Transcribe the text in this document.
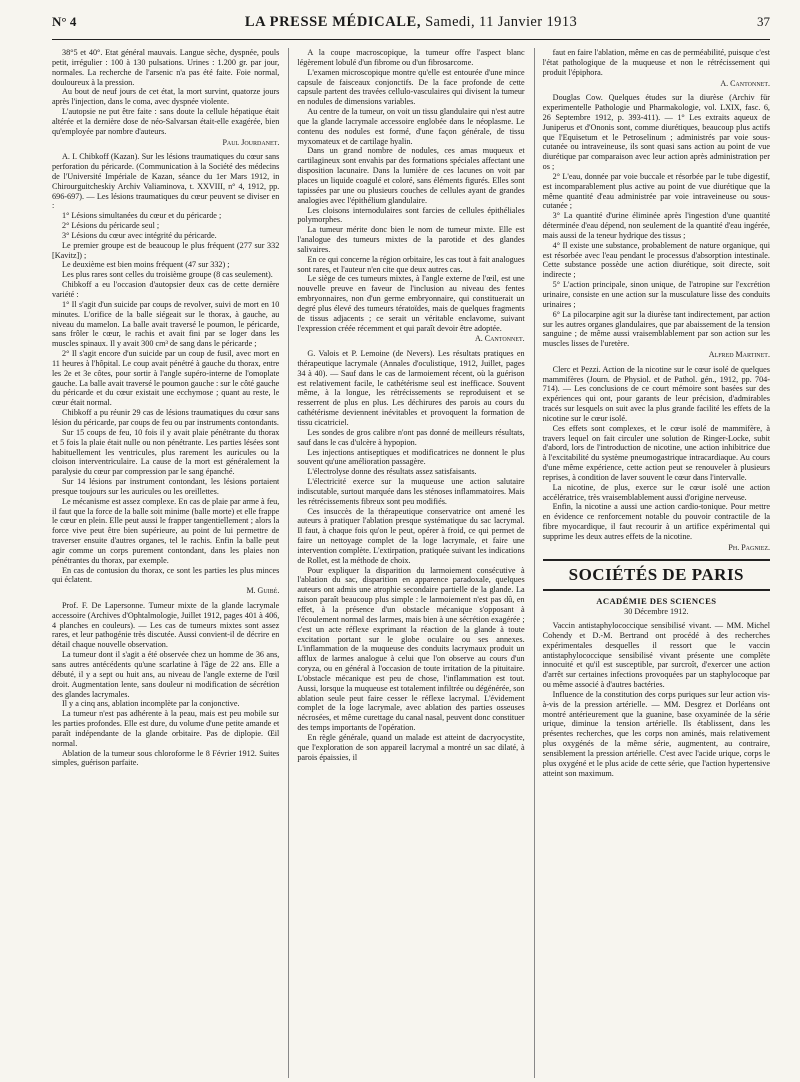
N° 4	LA PRESSE MÉDICALE, Samedi, 11 Janvier 1913	37

38°5 et 40°. Etat général mauvais. Langue sèche, dyspnée, pouls petit, irrégulier : 100 à 130 pulsations. Urines : 1.200 gr. par jour, normales. La recherche de l'arsenic n'a pas été faite. Foie normal, douloureux à la pression.

Au bout de neuf jours de cet état, la mort survint, quatorze jours après l'injection, dans le coma, avec dyspnée violente.

L'autopsie ne put être faite : sans doute la cellule hépatique était altérée et la dernière dose de néo-Salvarsan était-elle exagérée, bien qu'employée par nombre d'auteurs.

Paul Jourdanet.

A. I. Chibkoff (Kazan). Sur les lésions traumatiques du cœur sans perforation du péricarde. (Communication à la Société des médecins de l'Université Impériale de Kazan, séance du 1er Mars 1912, in Chirourguitcheskiy Archiv Valiaminova, t. XXVIII, n° 4, 1912, pp. 696-697). — Les lésions traumatiques du cœur peuvent se diviser en :

1° Lésions simultanées du cœur et du péricarde ;

2° Lésions du péricarde seul ;

3° Lésions du cœur avec intégrité du péricarde.

Le premier groupe est de beaucoup le plus fréquent (277 sur 332 [Kavitz]) ;

Le deuxième est bien moins fréquent (47 sur 332) ;

Les plus rares sont celles du troisième groupe (8 cas seulement).

Chibkoff a eu l'occasion d'autopsier deux cas de cette dernière variété :

1° Il s'agit d'un suicide par coups de revolver, suivi de mort en 10 minutes. L'orifice de la balle siégeait sur le thorax, à gauche, au niveau du mamelon. La balle avait traversé le poumon, le péricarde, sans frôler le cœur, le rachis et avait fini par se loger dans les muscles spinaux. Il y avait 300 cm³ de sang dans le péricarde ;

2° Il s'agit encore d'un suicide par un coup de fusil, avec mort en 11 heures à l'hôpital. Le coup avait pénétré à gauche du thorax, entre les 2e et 3e côtes, pour sortir à l'angle supéro-interne de l'omoplate gauche. La balle avait traversé le poumon gauche : sur le côté gauche du péricarde et du cœur existait une ecchymose ; quant au reste, le cœur était normal.

Chibkoff a pu réunir 29 cas de lésions traumatiques du cœur sans lésion du péricarde, par coups de feu ou par instruments contondants.

Sur 15 coups de feu, 10 fois il y avait plaie pénétrante du thorax et 5 fois la plaie était nulle ou non pénétrante. Les parties lésées sont habituellement les ventricules, plus rarement les auricules ou la cloison interventriculaire. La cause de la mort est généralement la paralysie du cœur par compression par le sang épanché.

Sur 14 lésions par instrument contondant, les lésions portaient presque toujours sur les auricules ou les oreillettes.

Le mécanisme est assez complexe. En cas de plaie par arme à feu, il faut que la force de la balle soit minime (balle morte) et elle frappe le cœur en plein. Elle peut aussi le frapper tangentiellement ; alors la force vive peut être bien supérieure, au point de lui permettre de traverser ensuite d'autres organes, tel le rachis. Enfin la balle peut agir comme un corps purement contondant, dans les plaies non pénétrantes du thorax, par exemple.

En cas de contusion du thorax, ce sont les parties les plus minces qui éclatent.

M. Guibé.

Prof. F. De Lapersonne. Tumeur mixte de la glande lacrymale accessoire (Archives d'Ophtalmologie, Juillet 1912, pages 401 à 406, 4 planches en couleurs). — Les cas de tumeurs mixtes sont assez rares, et leur pathogénie très discutée. Aussi convient-il de décrire en détail chaque nouvelle observation.

La tumeur dont il s'agit a été observée chez un homme de 36 ans, sans autres antécédents qu'une scarlatine à l'âge de 22 ans. Elle a débuté, il y a sept ou huit ans, au niveau de l'angle externe de l'œil droit. Augmentation lente, sans douleur ni modification de sécrétion des glandes lacrymales.

Il y a cinq ans, ablation incomplète par la conjonctive.

La tumeur n'est pas adhérente à la peau, mais est peu mobile sur les parties profondes. Elle est dure, du volume d'une petite amande et paraît indépendante de la glande orbitaire. Pas de diplopie. Œil normal.

Ablation de la tumeur sous chloroforme le 8 Février 1912. Suites simples, guérison parfaite.

A la coupe macroscopique, la tumeur offre l'aspect blanc légèrement lobulé d'un fibrome ou d'un fibrosarcome.

L'examen microscopique montre qu'elle est entourée d'une mince capsule de faisceaux conjonctifs. De la face profonde de cette capsule partent des travées cellulo-vasculaires qui divisent la tumeur en nodules de dimensions variables.

Au centre de la tumeur, on voit un tissu glandulaire qui n'est autre que la glande lacrymale accessoire englobée dans le néoplasme. Le contenu des nodules est formé, d'une façon générale, de tissu myxomateux et de cartilage hyalin.

Dans un grand nombre de nodules, ces amas muqueux et cartilagineux sont envahis par des formations spéciales affectant une disposition lacunaire. Dans la lumière de ces lacunes on voit par places un liquide coagulé et coloré, sans éléments figurés. Elles sont tapissées par une ou plusieurs couches de cellules ayant de grandes analogies avec l'épithélium glandulaire.

Les cloisons internodulaires sont farcies de cellules épithéliales polymorphes.

La tumeur mérite donc bien le nom de tumeur mixte. Elle est l'analogue des tumeurs mixtes de la parotide et des glandes salivaires.

En ce qui concerne la région orbitaire, les cas tout à fait analogues sont rares, et l'auteur n'en cite que deux autres cas.

Le siège de ces tumeurs mixtes, à l'angle externe de l'œil, est une nouvelle preuve en faveur de l'inclusion au niveau des fentes embryonnaires, non d'un germe embryonnaire, qui constituerait un degré plus élevé des tumeurs tératoïdes, mais de quelques fragments de tissus adjacents ; ce serait un véritable enclavome, suivant l'expression créée récemment et qui paraît devoir être adoptée.

A. Cantonnet.

G. Valois et P. Lemoine (de Nevers). Les résultats pratiques en thérapeutique lacrymale (Annales d'oculistique, 1912, Juillet, pages 34 à 40). — Sauf dans le cas de larmoiement récent, où la guérison est relativement facile, le cathétérisme seul est inefficace. Souvent même, à la longue, les rétrécissements se reproduisent et se resserrent de plus en plus. Les déchirures des parois au cours du cathétérisme deviennent inévitables et provoquent la formation de tissu cicatriciel.

Les sondes de gros calibre n'ont pas donné de meilleurs résultats, sauf dans le cas d'ulcère à hypopion.

Les injections antiseptiques et modificatrices ne donnent le plus souvent qu'une amélioration passagère.

L'électrolyse donne des résultats assez satisfaisants.

L'électricité exerce sur la muqueuse une action salutaire indiscutable, surtout marquée dans les sténoses inflammatoires. Mais les rétrécissements fibreux sont peu modifiés.

Ces insuccès de la thérapeutique conservatrice ont amené les auteurs à pratiquer l'ablation presque systématique du sac lacrymal. Il faut, à chaque fois qu'on le peut, opérer à froid, ce qui permet de faire un nettoyage complet de la loge lacrymale, et faire une intervention complète. L'extirpation, pratiquée suivant les indications de Rollet, est la méthode de choix.

Pour expliquer la disparition du larmoiement consécutive à l'ablation du sac, disparition en apparence paradoxale, quelques auteurs ont admis une atrophie secondaire partielle de la glande. La raison paraît beaucoup plus simple : le larmoiement n'est pas dû, en effet, à la présence d'un obstacle mécanique s'opposant à l'écoulement normal des larmes, mais bien à une sécrétion exagérée ; c'est un acte réflexe exprimant la réaction de la glande à toute excitation portant sur le globe oculaire ou ses annexes. L'inflammation de la muqueuse des conduits lacrymaux produit un afflux de larmes analogue à celui que l'on observe au cours d'un coryza, ou en général à l'occasion de toute irritation de la pituitaire. L'obstacle mécanique est peu de chose, l'inflammation est tout. Aussi, lorsque la muqueuse est totalement infiltrée ou dégénérée, son ablation seule peut faire cesser le réflexe lacrymal. L'évidement complet de la loge lacrymale, avec ablation des parties osseuses nécrosées, et même curettage du canal nasal, peuvent donc constituer des temps importants de l'opération.

En règle générale, quand un malade est atteint de dacryocystite, que l'exploration de son appareil lacrymal a montré un sac dilaté, à parois épaissies, il

faut en faire l'ablation, même en cas de perméabilité, puisque c'est l'état pathologique de la muqueuse et non le rétrécissement qui produit l'épiphora.

A. Cantonnet.

Douglas Cow. Quelques études sur la diurèse (Archiv für experimentelle Pathologie und Pharmakologie, vol. LXIX, fasc. 6, 26 Septembre 1912, p. 393-411). — 1° Les extraits aqueux de Juniperus et d'Ononis sont, comme diurétiques, beaucoup plus actifs que l'Equisetum et le Petroselinum ; administrés par voie sous-cutanée ou intraveineuse, ils sont quasi sans action au point de vue diurétique par comparaison avec leur action après administration per os ;

2° L'eau, donnée par voie buccale et résorbée par le tube digestif, est incomparablement plus active au point de vue diurétique que la même quantité d'eau administrée par voie intraveineuse ou sous-cutanée ;

3° La quantité d'urine éliminée après l'ingestion d'une quantité déterminée d'eau dépend, non seulement de la quantité d'eau ingérée, mais aussi de la teneur hydrique des tissus ;

4° Il existe une substance, probablement de nature organique, qui est résorbée avec l'eau pendant le processus d'absorption intestinale. Cette substance possède une action diurétique, soit directe, soit indirecte ;

5° L'action principale, sinon unique, de l'atropine sur l'excrétion urinaire, consiste en une action sur la musculature lisse des conduits urinaires ;

6° La pilocarpine agit sur la diurèse tant indirectement, par action sur les autres organes glandulaires, que par abaissement de la tension sanguine ; de même aussi vraisemblablement par son action sur les muscles lisses de l'uretère.

Alfred Martinet.

Clerc et Pezzi. Action de la nicotine sur le cœur isolé de quelques mammifères (Journ. de Physiol. et de Pathol. gén., 1912, pp. 704-714). — Les conclusions de ce court mémoire sont basées sur des expériences qui ont, pour garants de leur précision, d'admirables tracés sur lesquels on suit avec la plus grande facilité les effets de la nicotine sur le cœur isolé.

Ces effets sont complexes, et le cœur isolé de mammifère, à travers lequel on fait circuler une solution de Ringer-Locke, subit d'abord, lors de l'introduction de nicotine, une action inhibitrice due à l'excitabilité du système pneumogastrique intracardiaque. Au cours d'une même expérience, cette action peut se renouveler à plusieurs reprises, à condition de laver souvent le cœur dans l'intervalle.

La nicotine, de plus, exerce sur le cœur isolé une action accélératrice, très vraisemblablement aussi d'origine nerveuse.

Enfin, la nicotine a aussi une action cardio-tonique. Pour mettre en évidence ce renforcement notable du pouvoir contractile de la fibre myocardique, il faut recourir à un artifice expérimental qui supprime les deux autres effets de la nicotine.

Ph. Pagniez.

SOCIÉTÉS DE PARIS

ACADÉMIE DES SCIENCES

30 Décembre 1912.

Vaccin antistaphylococcique sensibilisé vivant. — MM. Michel Cohendy et D.-M. Bertrand ont procédé à des recherches expérimentales desquelles il ressort que le vaccin antistaphylococcique sensibilisé vivant présente une complète innocuité et qu'il est susceptible, par surcroît, d'exercer une action d'arrêt sur certaines infections provoquées par un staphylocoque par ou même associé à d'autres bactéries.

Influence de la constitution des corps puriques sur leur action vis-à-vis de la pression artérielle. — MM. Desgrez et Dorléans ont montré antérieurement que la guanine, base oxyaminée de la série urique, diminue la tension artérielle. Ils établissent, dans les présentes recherches, que les corps non aminés, mais relativement plus oxygénés de la même série, augmentent, au contraire, sensiblement la pression artérielle. C'est avec l'acide urique, corps le plus oxygéné et le plus acide de cette série, que l'action hypertensive atteint son maximum.
